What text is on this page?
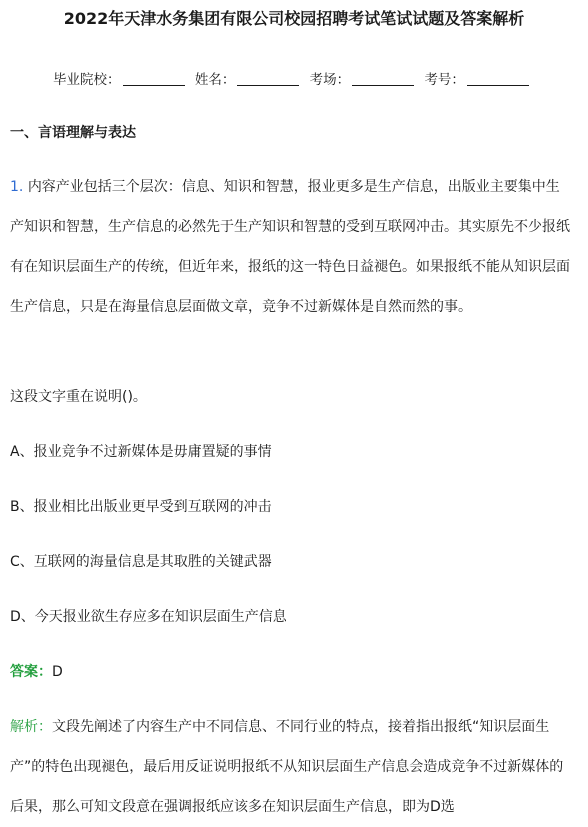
2022年天津水务集团有限公司校园招聘考试笔试试题及答案解析
毕业院校：	姓名：	考场：	考号：
一、言语理解与表达

1. 内容产业包括三个层次：信息、知识和智慧，报业更多是生产信息，出版业主要集中生产知识和智慧，生产信息的必然先于生产知识和智慧的受到互联网冲击。其实原先不少报纸有在知识层面生产的传统，但近年来，报纸的这一特色日益褪色。如果报纸不能从知识层面生产信息，只是在海量信息层面做文章，竞争不过新媒体是自然而然的事。

这段文字重在说明()。
A、报业竞争不过新媒体是毋庸置疑的事情
B、报业相比出版业更早受到互联网的冲击
C、互联网的海量信息是其取胜的关键武器
D、今天报业欲生存应多在知识层面生产信息
答案：D

解析：文段先阐述了内容生产中不同信息、不同行业的特点，接着指出报纸“知识层面生产”的特色出现褪色，最后用反证说明报纸不从知识层面生产信息会造成竞争不过新媒体的后果，那么可知文段意在强调报纸应该多在知识层面生产信息，即为D选
